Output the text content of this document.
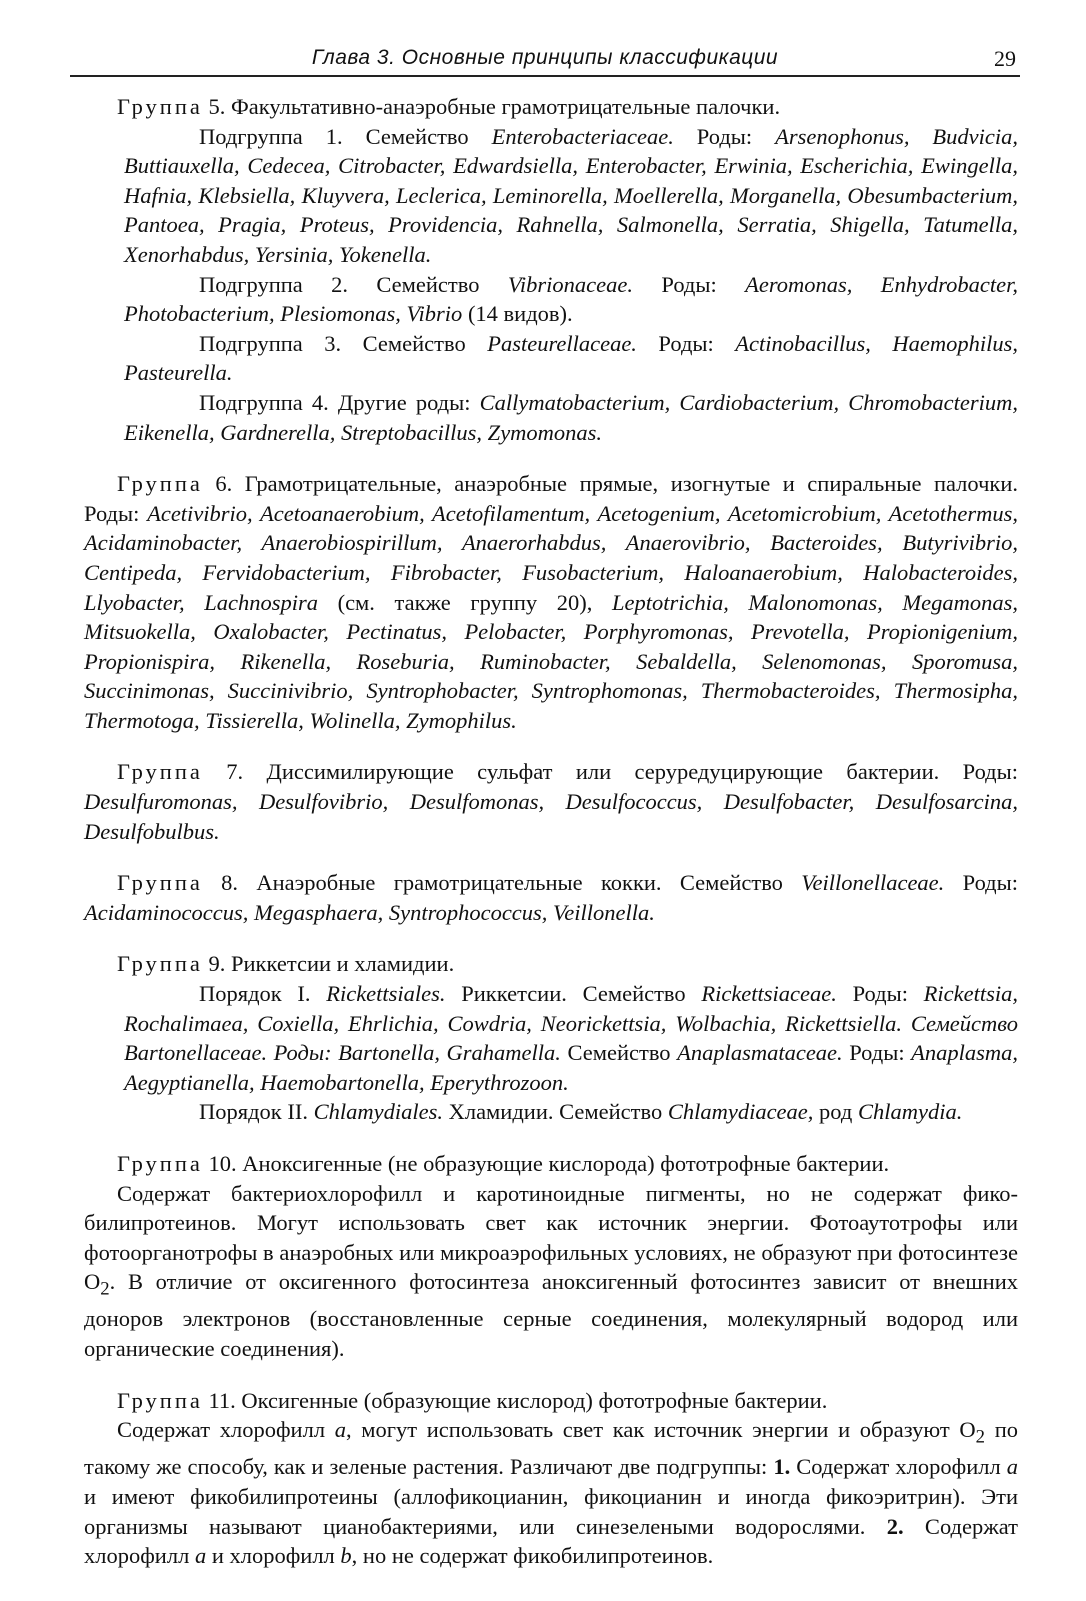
Глава 3. Основные принципы классификации	29

Группа 5. Факультативно-анаэробные грамотрицательные палочки.

Подгруппа 1. Семейство Enterobacteriaceae. Роды: Arsenophonus, Budvicia, Buttiauxella, Cedecea, Citrobacter, Edwardsiella, Enterobacter, Erwinia, Escherichia, Ewingella, Hafnia, Klebsiella, Kluyvera, Leclerica, Leminorella, Moellerella, Morganella, Obesumbacterium, Pantoea, Pragia, Proteus, Providencia, Rahnella, Salmonella, Serratia, Shigella, Tatumella, Xenorhabdus, Yersinia, Yokenella.

Подгруппа 2. Семейство Vibrionaceae. Роды: Aeromonas, Enhydrobacter, Photobacterium, Plesiomonas, Vibrio (14 видов).

Подгруппа 3. Семейство Pasteurellaceae. Роды: Actinobacillus, Haemophilus, Pasteurella.

Подгруппа 4. Другие роды: Callymatobacterium, Cardiobacterium, Chromobacterium, Eikenella, Gardnerella, Streptobacillus, Zymomonas.

Группа 6. Грамотрицательные, анаэробные прямые, изогнутые и спиральные палочки. Роды: Acetivibrio, Acetoanaerobium, Acetofilamentum, Acetogenium, Acetomicrobium, Acetothermus, Acidaminobacter, Anaerobiospirillum, Anaerorhabdus, Anaerovibrio, Bacteroides, Butyrivibrio, Centipeda, Fervidobacterium, Fibrobacter, Fusobacterium, Haloanaerobium, Halobacteroides, Llyobacter, Lachnospira (см. также группу 20), Leptotrichia, Malonomonas, Megamonas, Mitsuokella, Oxalobacter, Pectinatus, Pelobacter, Porphyromonas, Prevotella, Propionigenium, Propionispira, Rikenella, Roseburia, Ruminobacter, Sebaldella, Selenomonas, Sporomusa, Succinimonas, Succinivibrio, Syntrophobacter, Syntrophomonas, Thermobacteroides, Thermosipha, Thermotoga, Tissierella, Wolinella, Zymophilus.

Группа 7. Диссимилирующие сульфат или серуредуцирующие бактерии. Роды: Desulfuromonas, Desulfovibrio, Desulfomonas, Desulfococcus, Desulfobacter, Desulfosarcina, Desulfobulbus.

Группа 8. Анаэробные грамотрицательные кокки. Семейство Veillonellaceae. Роды: Acidaminococcus, Megasphaera, Syntrophococcus, Veillonella.

Группа 9. Риккетсии и хламидии.

Порядок I. Rickettsiales. Риккетсии. Семейство Rickettsiaceae. Роды: Rickettsia, Rochalimaea, Coxiella, Ehrlichia, Cowdria, Neorickettsia, Wolbachia, Rickettsiella. Семейство Bartonellaceae. Роды: Bartonella, Grahamella. Семейство Anaplasmataceae. Роды: Anaplasma, Aegyptianella, Haemobartonella, Eperythrozoon.

Порядок II. Chlamydiales. Хламидии. Семейство Chlamydiaceae, род Chlamydia.

Группа 10. Аноксигенные (не образующие кислорода) фототрофные бактерии.

Содержат бактериохлорофилл и каротиноидные пигменты, но не содержат фикобилипротеинов. Могут использовать свет как источник энергии. Фотоаутотрофы или фотоорганотрофы в анаэробных или микроаэрофильных условиях, не образуют при фотосинтезе $O_2$. В отличие от оксигенного фотосинтеза аноксигенный фотосинтез зависит от внешних доноров электронов (восстановленные серные соединения, молекулярный водород или органические соединения).

Группа 11. Оксигенные (образующие кислород) фототрофные бактерии.

Содержат хлорофилл a, могут использовать свет как источник энергии и образуют $O_2$ по такому же способу, как и зеленые растения. Различают две подгруппы: 1. Содержат хлорофилл a и имеют фикобилипротеины (аллофикоцианин, фикоцианин и иногда фикоэритрин). Эти организмы называют цианобактериями, или синезелеными водорослями. 2. Содержат хлорофилл a и хлорофилл b, но не содержат фикобилипротеинов.
